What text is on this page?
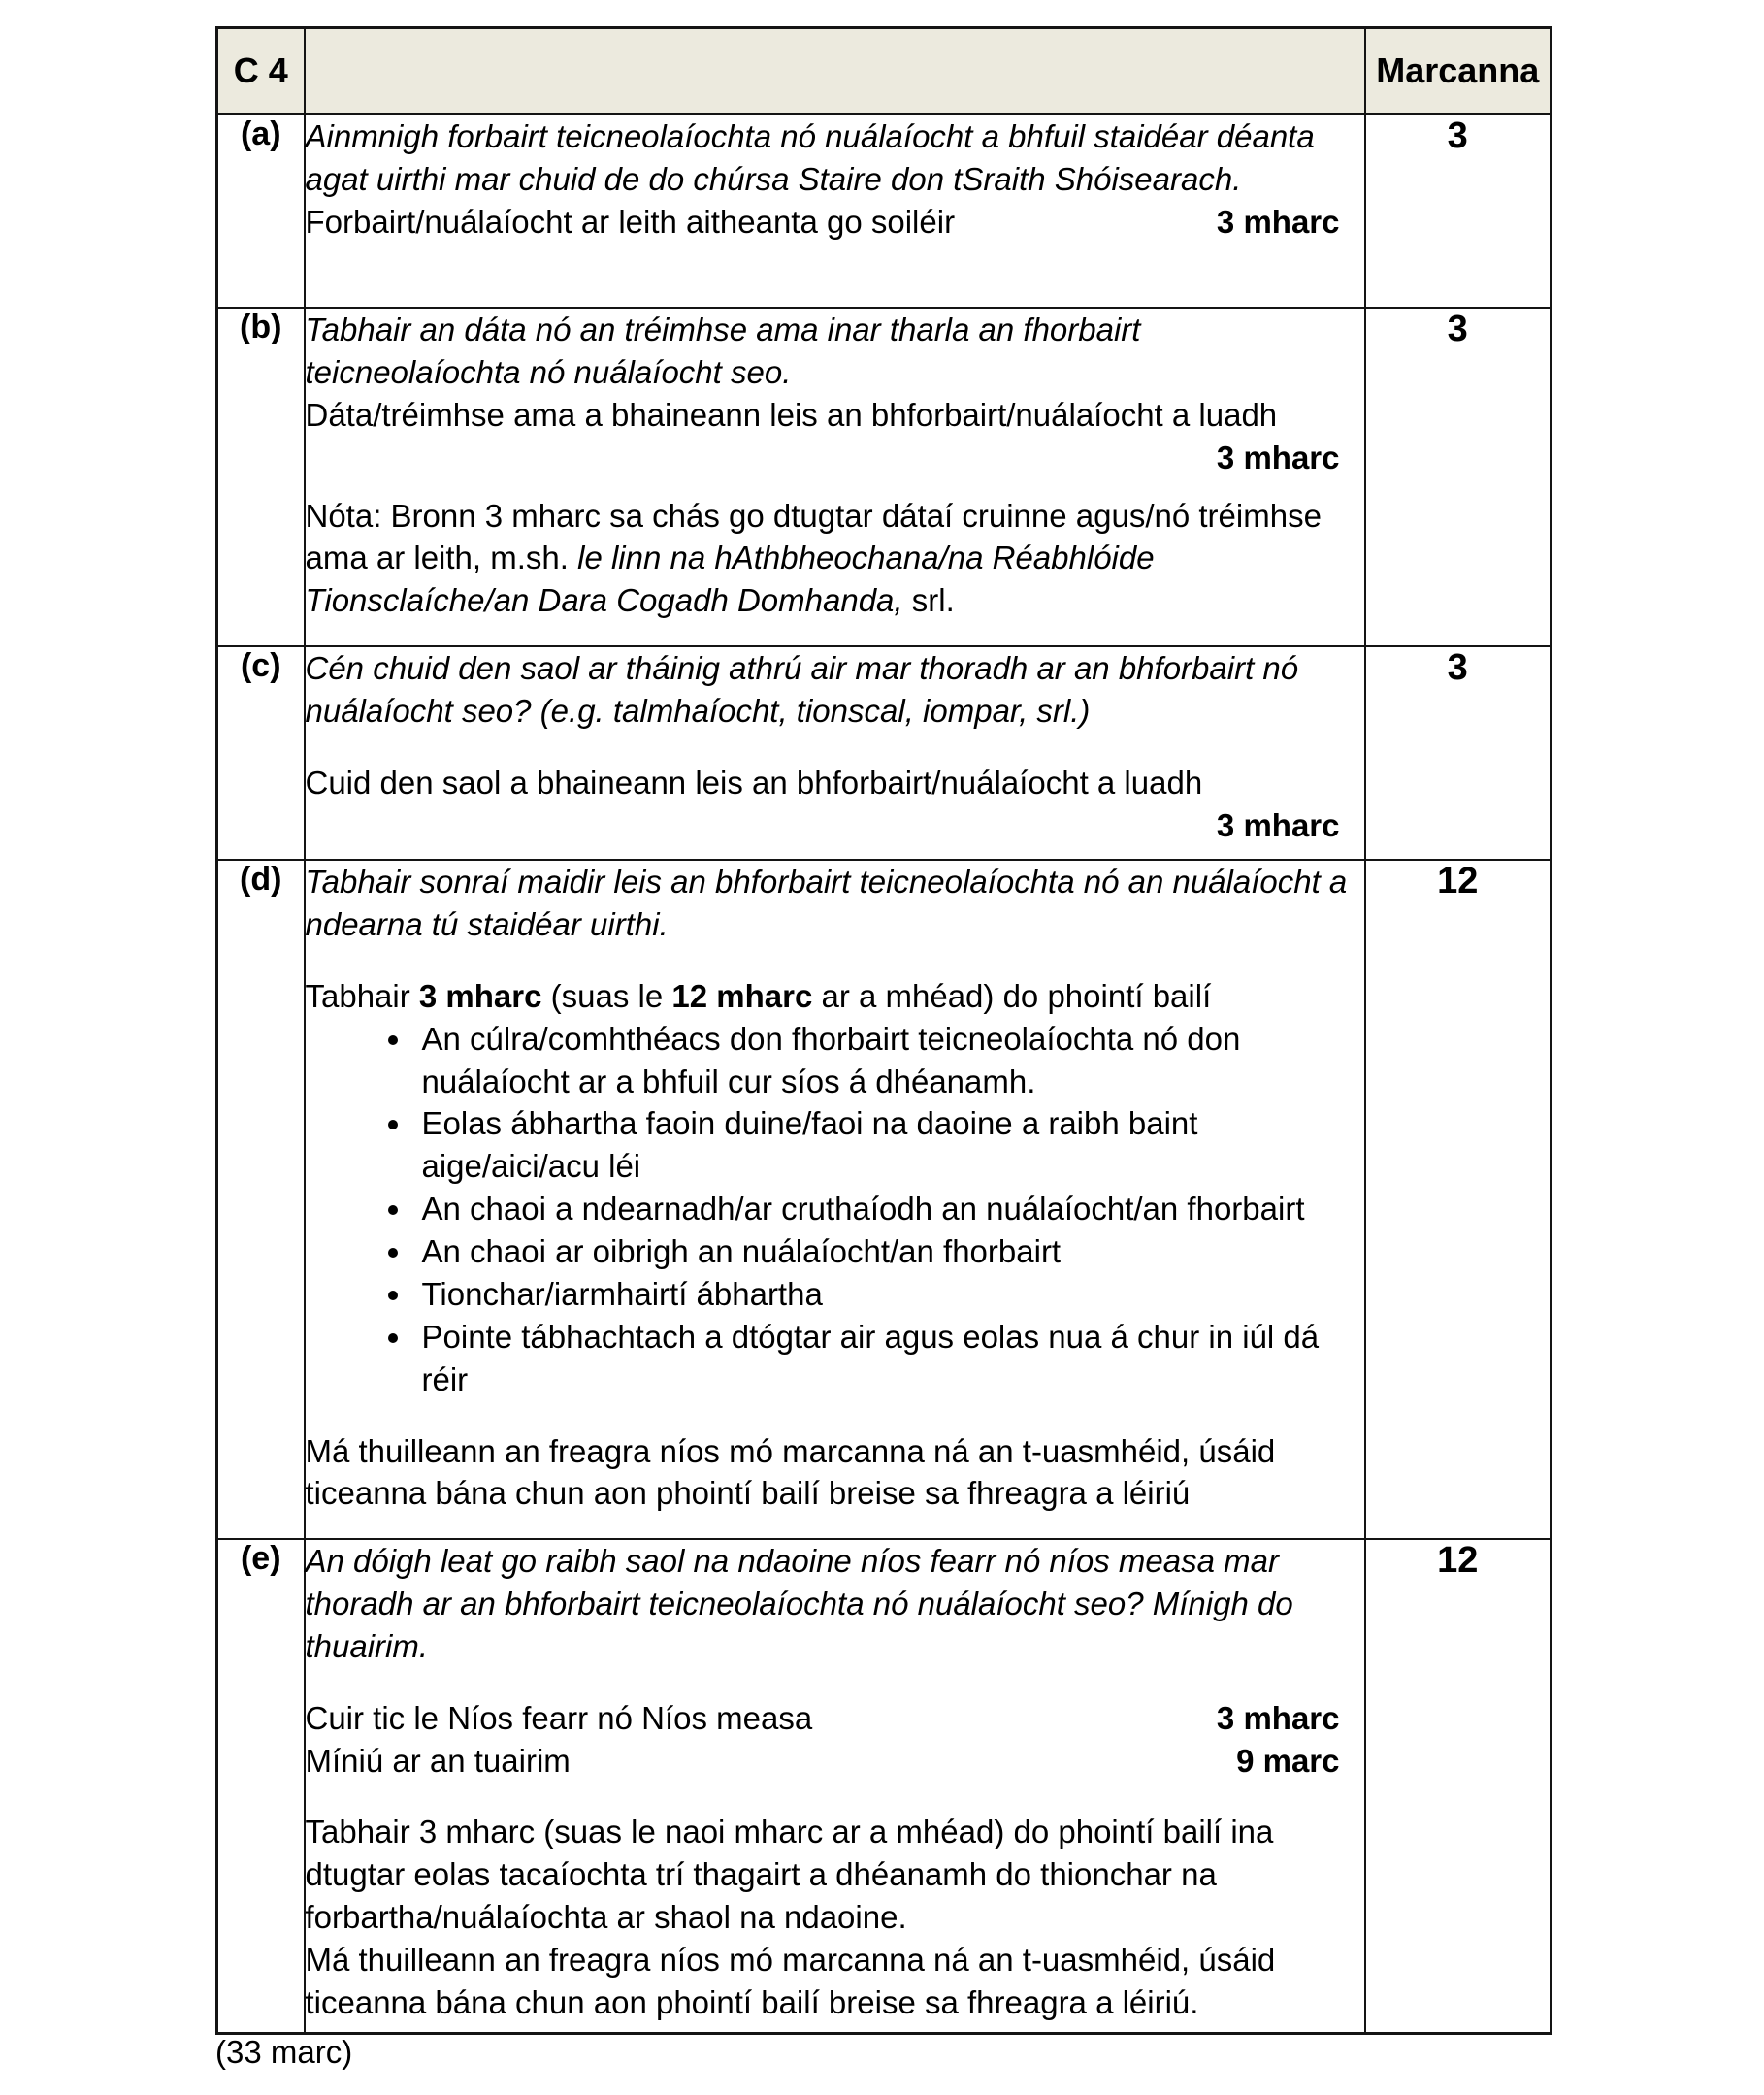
C 4		Marcanna
(a)	Ainmnigh forbairt teicneolaíochta nó nuálaíocht a bhfuil staidéar déanta agat uirthi mar chuid de do chúrsa Staire don tSraith Shóisearach.
Forbairt/nuálaíocht ar leith aitheanta go soiléir 3 mharc	3
(b)	Tabhair an dáta nó an tréimhse ama inar tharla an fhorbairt teicneolaíochta nó nuálaíocht seo.
Dáta/tréimhse ama a bhaineann leis an bhforbairt/nuálaíocht a luadh
3 mharc
Nóta: Bronn 3 mharc sa chás go dtugtar dátaí cruinne agus/nó tréimhse ama ar leith, m.sh. le linn na hAthbheochana/na Réabhlóide Tionsclaíche/an Dara Cogadh Domhanda, srl.	3
(c)	Cén chuid den saol ar tháinig athrú air mar thoradh ar an bhforbairt nó nuálaíocht seo? (e.g. talmhaíocht, tionscal, iompar, srl.)
Cuid den saol a bhaineann leis an bhforbairt/nuálaíocht a luadh
3 mharc	3
(d)	Tabhair sonraí maidir leis an bhforbairt teicneolaíochta nó an nuálaíocht a ndearna tú staidéar uirthi.
Tabhair 3 mharc (suas le 12 mharc ar a mhéad) do phointí bailí
• An cúlra/comhthéacs don fhorbairt teicneolaíochta nó don nuálaíocht ar a bhfuil cur síos á dhéanamh.
• Eolas ábhartha faoin duine/faoi na daoine a raibh baint aige/aici/acu léi
• An chaoi a ndearnadh/ar cruthaíodh an nuálaíocht/an fhorbairt
• An chaoi ar oibrigh an nuálaíocht/an fhorbairt
• Tionchar/iarmhairtí ábhartha
• Pointe tábhachtach a dtógtar air agus eolas nua á chur in iúl dá réir
Má thuilleann an freagra níos mó marcanna ná an t-uasmhéid, úsáid ticeanna bána chun aon phointí bailí breise sa fhreagra a léiriú
	12
(e)	An dóigh leat go raibh saol na ndaoine níos fearr nó níos measa mar thoradh ar an bhforbairt teicneolaíochta nó nuálaíocht seo? Mínigh do thuairim.
Cuir tic le Níos fearr nó Níos measa	3 mharc
Míniú ar an tuairim	9 marc
Tabhair 3 mharc (suas le naoi mharc ar a mhéad) do phointí bailí ina dtugtar eolas tacaíochta trí thagairt a dhéanamh do thionchar na forbartha/nuálaíochta ar shaol na ndaoine.
Má thuilleann an freagra níos mó marcanna ná an t-uasmhéid, úsáid ticeanna bána chun aon phointí bailí breise sa fhreagra a léiriú.
	12
(33 marc)
